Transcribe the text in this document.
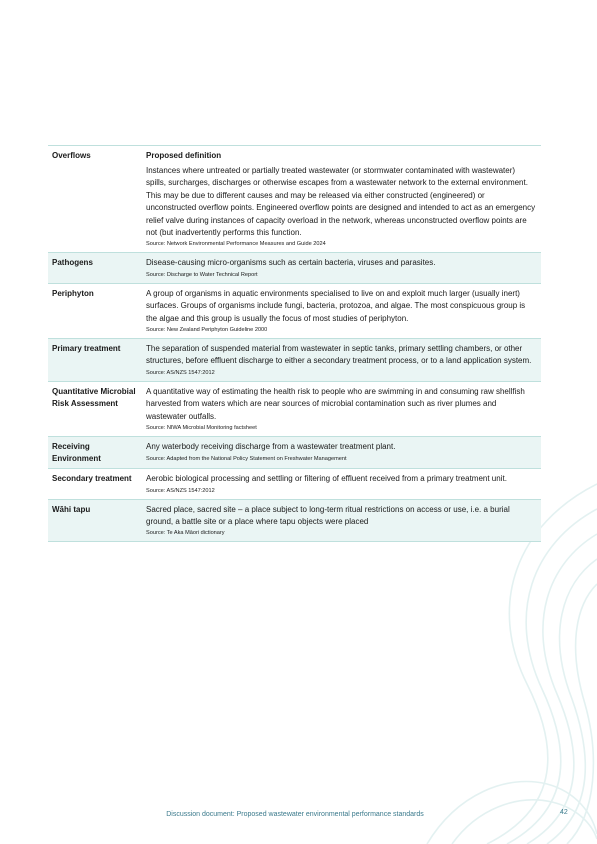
Overflows	Proposed definition

Instances where untreated or partially treated wastewater (or stormwater contaminated with wastewater) spills, surcharges, discharges or otherwise escapes from a wastewater network to the external environment. This may be due to different causes and may be released via either constructed (engineered) or unconstructed overflow points. Engineered overflow points are designed and intended to act as an emergency relief valve during instances of capacity overload in the network, whereas unconstructed overflow points are not (but inadvertently performs this function.

Source: Network Environmental Performance Measures and Guide 2024

Pathogens	Disease-causing micro-organisms such as certain bacteria, viruses and parasites.

Source: Discharge to Water Technical Report

Periphyton	A group of organisms in aquatic environments specialised to live on and exploit much larger (usually inert) surfaces. Groups of organisms include fungi, bacteria, protozoa, and algae. The most conspicuous group is the algae and this group is usually the focus of most studies of periphyton.

Source: New Zealand Periphyton Guideline 2000

Primary treatment	The separation of suspended material from wastewater in septic tanks, primary settling chambers, or other structures, before effluent discharge to either a secondary treatment process, or to a land application system.

Source: AS/NZS 1547:2012

Quantitative Microbial Risk Assessment	A quantitative way of estimating the health risk to people who are swimming in and consuming raw shellfish harvested from waters which are near sources of microbial contamination such as river plumes and wastewater outfalls.

Source: NIWA Microbial Monitoring factsheet

Receiving Environment	Any waterbody receiving discharge from a wastewater treatment plant.

Source: Adapted from the National Policy Statement on Freshwater Management

Secondary treatment	Aerobic biological processing and settling or filtering of effluent received from a primary treatment unit.

Source: AS/NZS 1547:2012

Wāhi tapu	Sacred place, sacred site – a place subject to long-term ritual restrictions on access or use, i.e. a burial ground, a battle site or a place where tapu objects were placed

Source: Te Aka Māori dictionary
Discussion document: Proposed wastewater environmental performance standards	42
